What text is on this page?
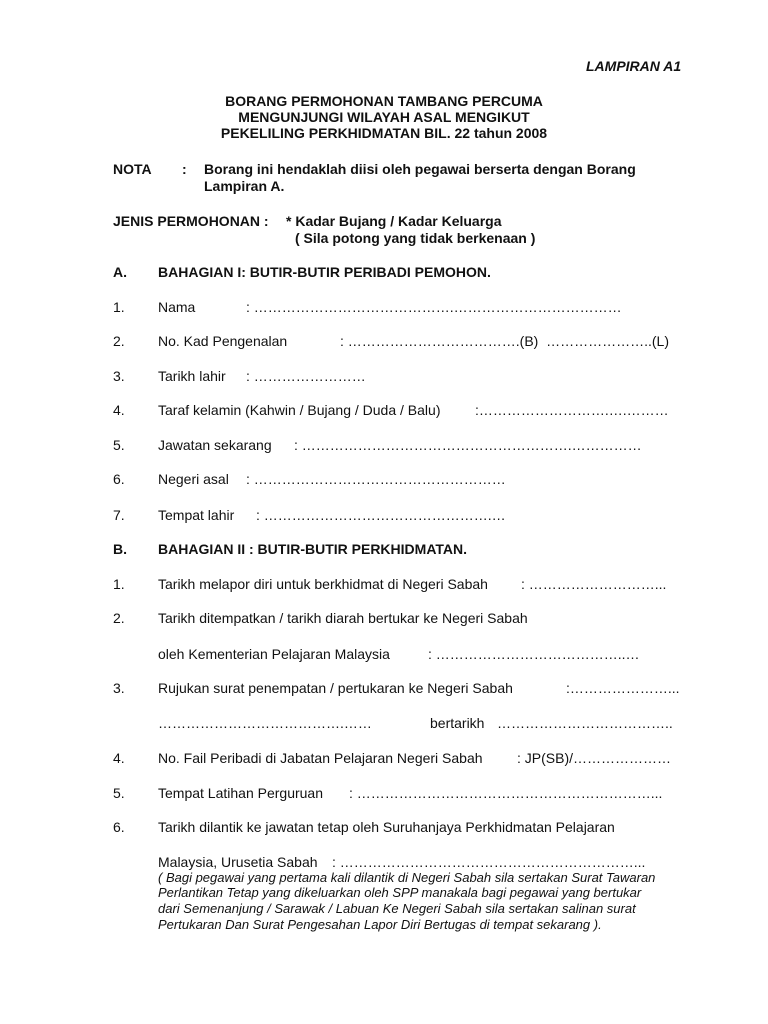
LAMPIRAN A1
BORANG PERMOHONAN TAMBANG PERCUMA
MENGUNJUNGI WILAYAH ASAL MENGIKUT
PEKELILING PERKHIDMATAN BIL. 22 tahun 2008
NOTA : Borang ini hendaklah diisi oleh pegawai berserta dengan Borang
Lampiran A.
JENIS PERMOHONAN : * Kadar Bujang / Kadar Keluarga
( Sila potong yang tidak berkenaan )
A. BAHAGIAN I: BUTIR-BUTIR PERIBADI PEMOHON.
1. Nama	: …………………………………….………………………………
2. No. Kad Pengenalan	: ……………………………….(B)  …………………..(L)
3. Tarikh lahir : ……………………
4. Taraf kelamin (Kahwin / Bujang / Duda / Balu) :……………………….….………
5. Jawatan sekarang : ………………………………………………….……………
6. Negeri asal : ………………………………………………
7. Tempat lahir : ………………………………………….…
B. BAHAGIAN II : BUTIR-BUTIR PERKHIDMATAN.
1. Tarikh melapor diri untuk berkhidmat di Negeri Sabah : ………………………...
2. Tarikh ditempatkan / tarikh diarah bertukar ke Negeri Sabah
oleh Kementerian Pelajaran Malaysia	: …………………………………..…
3. Rujukan surat penempatan / pertukaran ke Negeri Sabah	:…………………...
………………………………….……	bertarikh ………………………………..
4. No. Fail Peribadi di Jabatan Pelajaran Negeri Sabah : JP(SB)/…………………
5. Tempat Latihan Perguruan : ………………………………………………………...
6. Tarikh dilantik ke jawatan tetap oleh Suruhanjaya Perkhidmatan Pelajaran
Malaysia, Urusetia Sabah : ………………………………………………………...
( Bagi pegawai yang pertama kali dilantik di Negeri Sabah sila sertakan Surat Tawaran
Perlantikan Tetap yang dikeluarkan oleh SPP manakala bagi pegawai yang bertukar
dari Semenanjung / Sarawak / Labuan Ke Negeri Sabah sila sertakan salinan surat
Pertukaran Dan Surat Pengesahan Lapor Diri Bertugas di tempat sekarang ).
